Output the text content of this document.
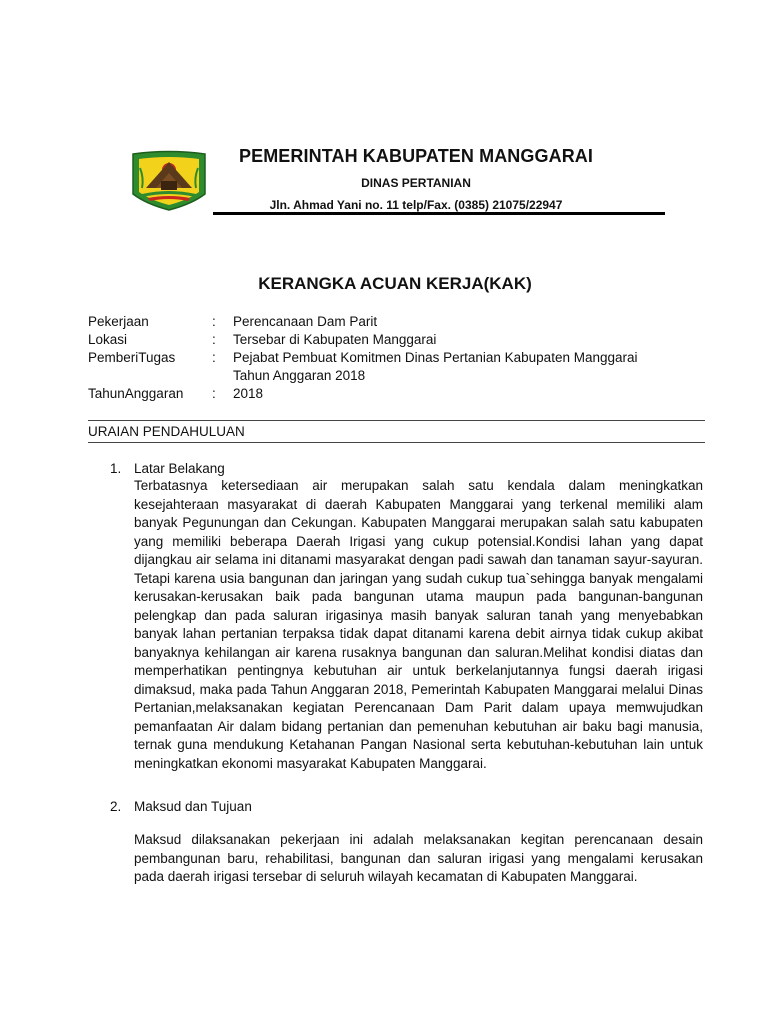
PEMERINTAH KABUPATEN MANGGARAI
DINAS PERTANIAN
Jln. Ahmad Yani no. 11 telp/Fax. (0385) 21075/22947
KERANGKA ACUAN KERJA(KAK)
Pekerjaan	:	Perencanaan Dam Parit
Lokasi	:	Tersebar di Kabupaten Manggarai
PemberiTugas	:	Pejabat Pembuat Komitmen Dinas Pertanian Kabupaten Manggarai
Tahun Anggaran 2018
TahunAnggaran	:	2018
URAIAN PENDAHULUAN
1. Latar Belakang

Terbatasnya ketersediaan air merupakan salah satu kendala dalam meningkatkan kesejahteraan masyarakat di daerah Kabupaten Manggarai yang terkenal memiliki alam banyak Pegunungan dan Cekungan. Kabupaten Manggarai merupakan salah satu kabupaten yang memiliki beberapa Daerah Irigasi yang cukup potensial.Kondisi lahan yang dapat dijangkau air selama ini ditanami masyarakat dengan padi sawah dan tanaman sayur-sayuran. Tetapi karena usia bangunan dan jaringan yang sudah cukup tua`sehingga banyak mengalami kerusakan-kerusakan baik pada bangunan utama maupun pada bangunan-bangunan pelengkap dan pada saluran irigasinya masih banyak saluran tanah yang menyebabkan banyak lahan pertanian terpaksa tidak dapat ditanami karena debit airnya tidak cukup akibat banyaknya kehilangan air karena rusaknya bangunan dan saluran.Melihat kondisi diatas dan memperhatikan pentingnya kebutuhan air untuk berkelanjutannya fungsi daerah irigasi dimaksud, maka pada Tahun Anggaran 2018, Pemerintah Kabupaten Manggarai melalui Dinas Pertanian,melaksanakan kegiatan Perencanaan Dam Parit dalam upaya memwujudkan pemanfaatan Air dalam bidang pertanian dan pemenuhan kebutuhan air baku bagi manusia, ternak guna mendukung Ketahanan Pangan Nasional serta kebutuhan-kebutuhan lain untuk meningkatkan ekonomi masyarakat Kabupaten Manggarai.

2. Maksud dan Tujuan

Maksud dilaksanakan pekerjaan ini adalah melaksanakan kegitan perencanaan desain pembangunan baru, rehabilitasi, bangunan dan saluran irigasi yang mengalami kerusakan pada daerah irigasi tersebar di seluruh wilayah kecamatan di Kabupaten Manggarai.
